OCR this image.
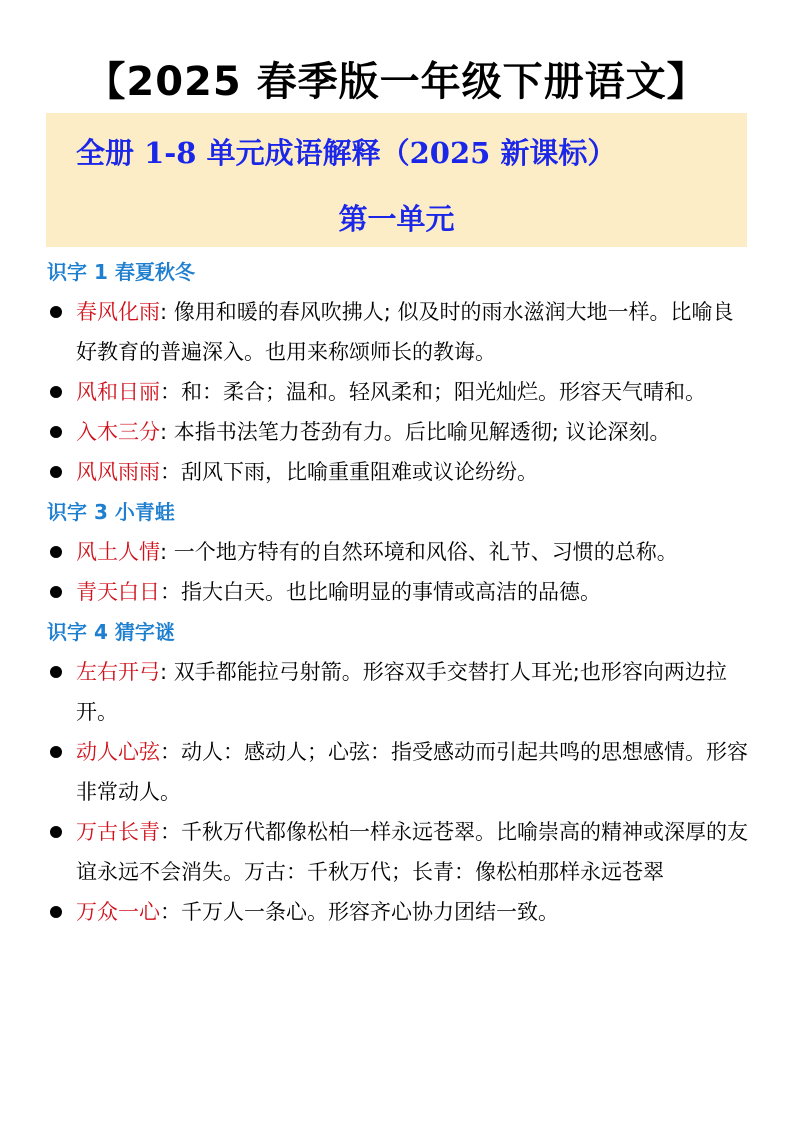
【2025 春季版一年级下册语文】
全册 1-8 单元成语解释（2025 新课标）
第一单元
识字 1 春夏秋冬
春风化雨: 像用和暖的春风吹拂人; 似及时的雨水滋润大地一样。比喻良好教育的普遍深入。也用来称颂师长的教诲。
风和日丽：和：柔合；温和。轻风柔和；阳光灿烂。形容天气晴和。
入木三分: 本指书法笔力苍劲有力。后比喻见解透彻; 议论深刻。
风风雨雨：刮风下雨，比喻重重阻难或议论纷纷。
识字 3 小青蛙
风土人情: 一个地方特有的自然环境和风俗、礼节、习惯的总称。
青天白日：指大白天。也比喻明显的事情或高洁的品德。
识字 4 猜字谜
左右开弓: 双手都能拉弓射箭。形容双手交替打人耳光;也形容向两边拉开。
动人心弦：动人：感动人；心弦：指受感动而引起共鸣的思想感情。形容非常动人。
万古长青：千秋万代都像松柏一样永远苍翠。比喻崇高的精神或深厚的友谊永远不会消失。万古：千秋万代；长青：像松柏那样永远苍翠
万众一心：千万人一条心。形容齐心协力团结一致。
